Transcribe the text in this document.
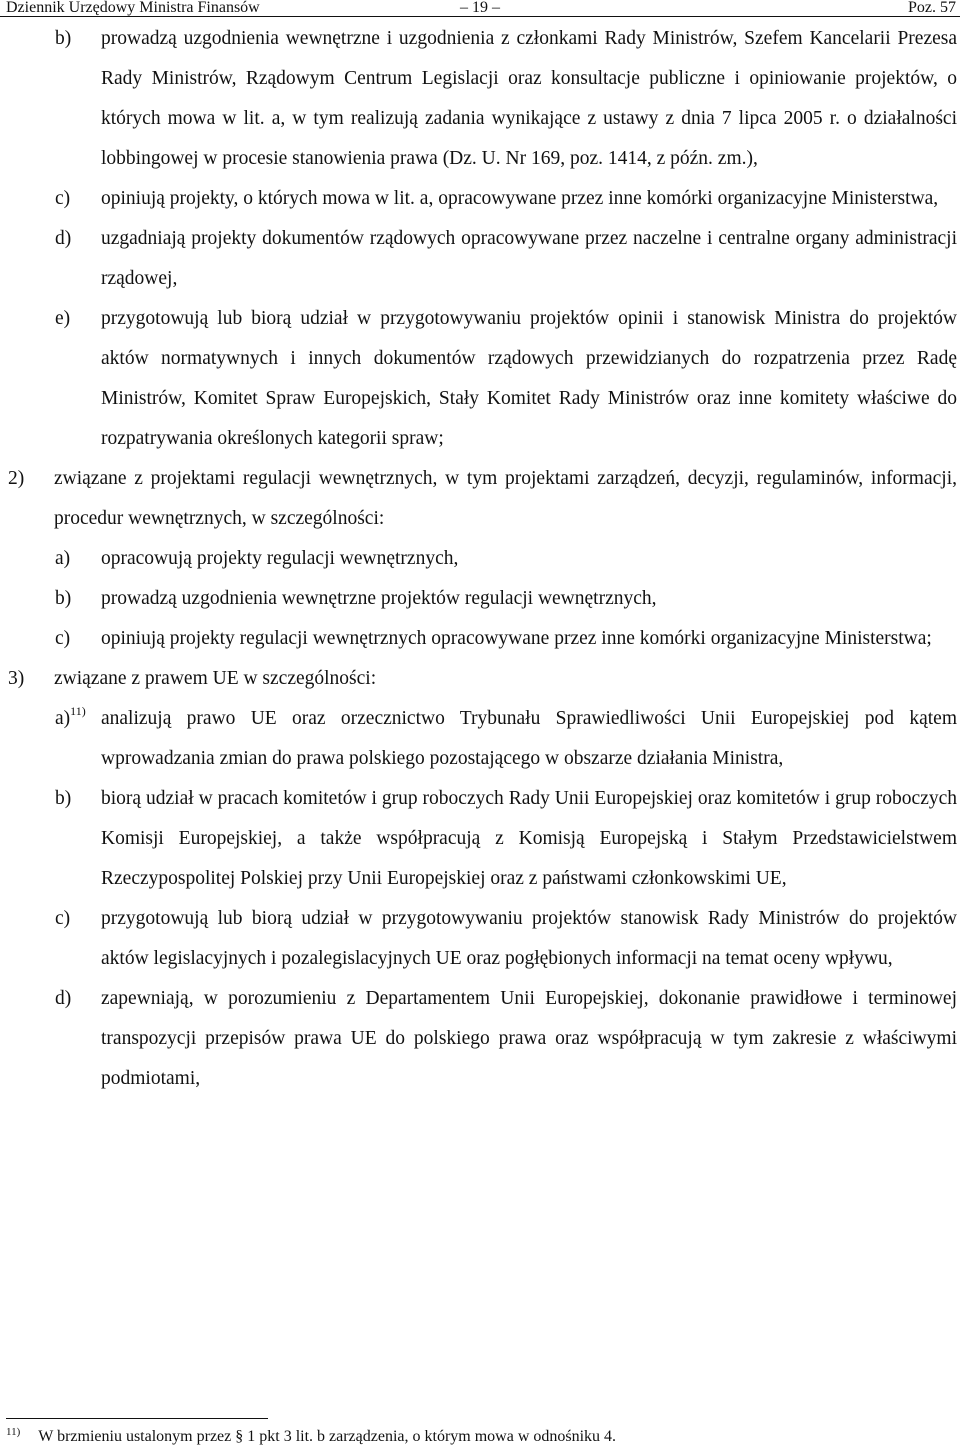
Dziennik Urzędowy Ministra Finansów	– 19 –	Poz. 57
b) prowadzą uzgodnienia wewnętrzne i uzgodnienia z członkami Rady Ministrów, Szefem Kancelarii Prezesa Rady Ministrów, Rządowym Centrum Legislacji oraz konsultacje publiczne i opiniowanie projektów, o których mowa w lit. a, w tym realizują zadania wynikające z ustawy z dnia 7 lipca 2005 r. o działalności lobbingowej w procesie stanowienia prawa (Dz. U. Nr 169, poz. 1414, z późn. zm.),
c) opiniują projekty, o których mowa w lit. a, opracowywane przez inne komórki organizacyjne Ministerstwa,
d) uzgadniają projekty dokumentów rządowych opracowywane przez naczelne i centralne organy administracji rządowej,
e) przygotowują lub biorą udział w przygotowywaniu projektów opinii i stanowisk Ministra do projektów aktów normatywnych i innych dokumentów rządowych przewidzianych do rozpatrzenia przez Radę Ministrów, Komitet Spraw Europejskich, Stały Komitet Rady Ministrów oraz inne komitety właściwe do rozpatrywania określonych kategorii spraw;
2) związane z projektami regulacji wewnętrznych, w tym projektami zarządzeń, decyzji, regulaminów, informacji, procedur wewnętrznych, w szczególności:
a) opracowują projekty regulacji wewnętrznych,
b) prowadzą uzgodnienia wewnętrzne projektów regulacji wewnętrznych,
c) opiniują projekty regulacji wewnętrznych opracowywane przez inne komórki organizacyjne Ministerstwa;
3) związane z prawem UE w szczególności:
a)$^{11)}$ analizują prawo UE oraz orzecznictwo Trybunału Sprawiedliwości Unii Europejskiej pod kątem wprowadzania zmian do prawa polskiego pozostającego w obszarze działania Ministra,
b) biorą udział w pracach komitetów i grup roboczych Rady Unii Europejskiej oraz komitetów i grup roboczych Komisji Europejskiej, a także współpracują z Komisją Europejską i Stałym Przedstawicielstwem Rzeczypospolitej Polskiej przy Unii Europejskiej oraz z państwami członkowskimi UE,
c) przygotowują lub biorą udział w przygotowywaniu projektów stanowisk Rady Ministrów do projektów aktów legislacyjnych i pozalegislacyjnych UE oraz pogłębionych informacji na temat oceny wpływu,
d) zapewniają, w porozumieniu z Departamentem Unii Europejskiej, dokonanie prawidłowe i terminowej transpozycji przepisów prawa UE do polskiego prawa oraz współpracują w tym zakresie z właściwymi podmiotami,
$^{11)}$ W brzmieniu ustalonym przez § 1 pkt 3 lit. b zarządzenia, o którym mowa w odnośniku 4.
